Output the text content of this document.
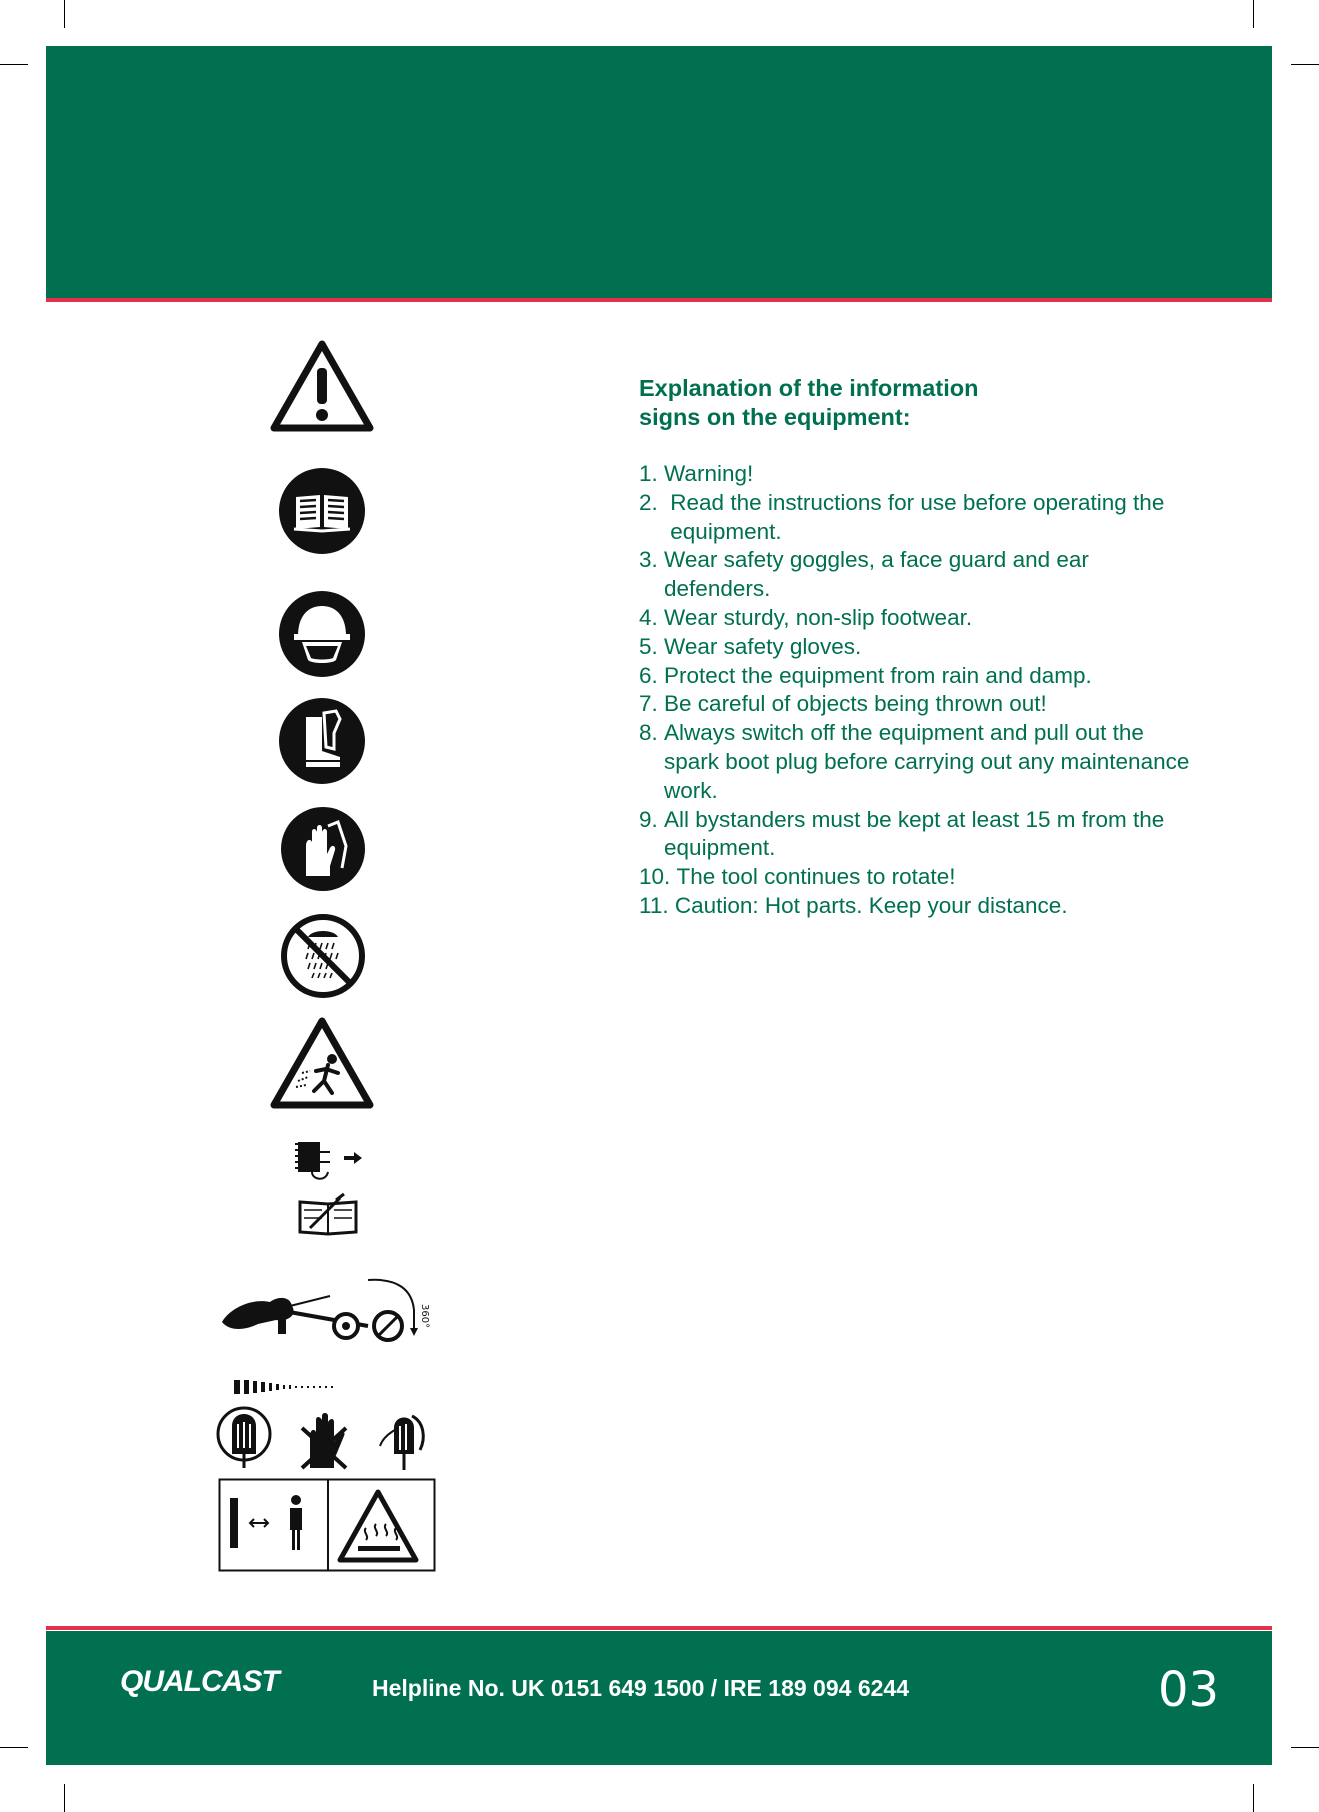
360°
Explanation of the information
signs on the equipment:
1. Warning!
2. Read the instructions for use before operating the equipment.
3. Wear safety goggles, a face guard and ear defenders.
4. Wear sturdy, non-slip footwear.
5. Wear safety gloves.
6. Protect the equipment from rain and damp.
7. Be careful of objects being thrown out!
8. Always switch off the equipment and pull out the spark boot plug before carrying out any maintenance work.
9. All bystanders must be kept at least 15 m from the equipment.
10. The tool continues to rotate!
11. Caution: Hot parts. Keep your distance.
QUALCAST	Helpline No. UK 0151 649 1500 / IRE 189 094 6244	03
